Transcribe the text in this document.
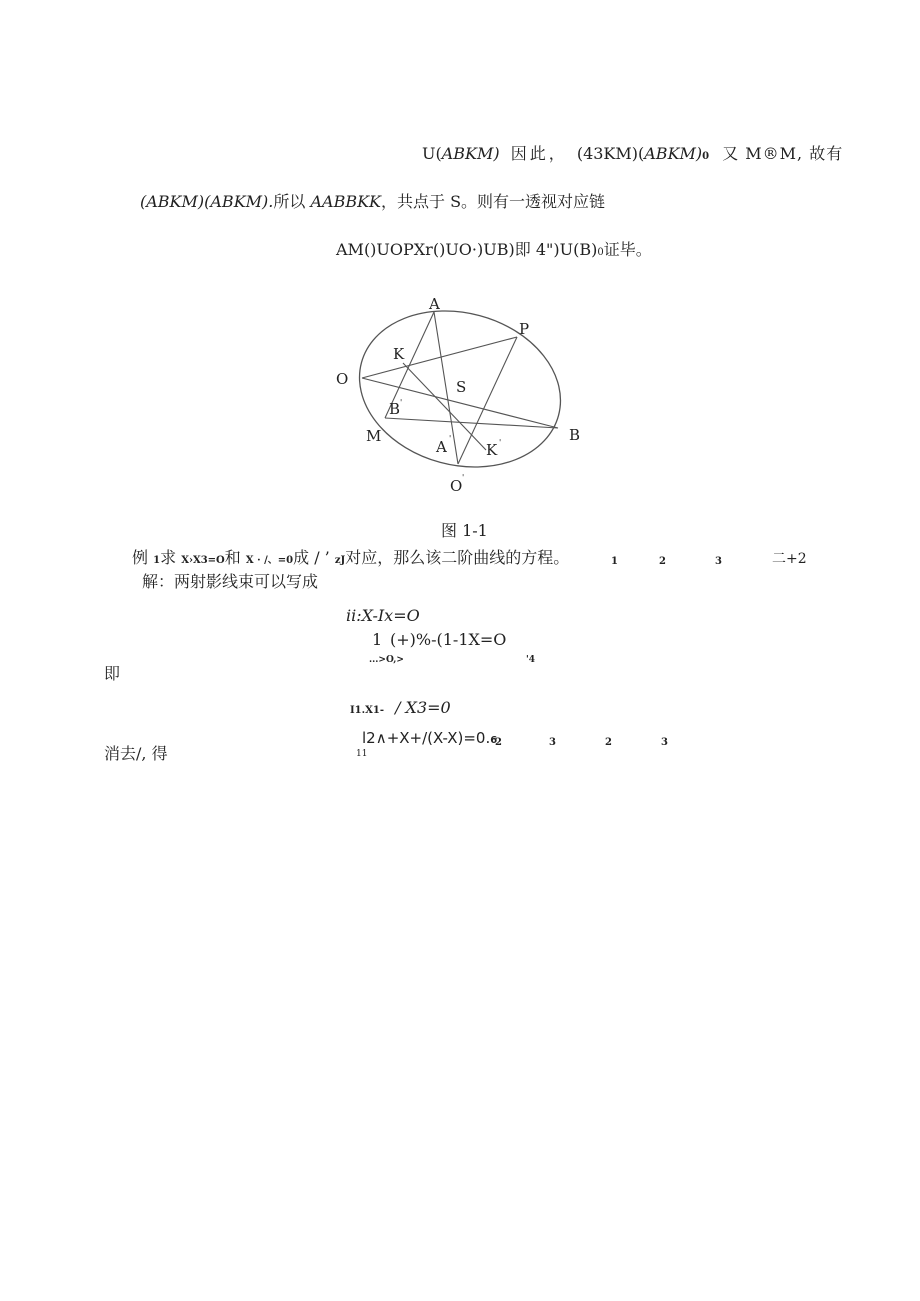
U(ABKM) 因此， (43KM)(ABKM)0 又 M®M, 故有
(ABKM)(ABKM).所以 AABBKK，共点于 S。则有一透视对应链
AM()UOPXr()UO·)UB)即 4")U(B)0证毕。
A
P
K
O	S
B '
M	B
A '
K '
O '
图 1-1
例 1求 X›X3=O和 X · /、=0成 / ’ zJ对应，那么该二阶曲线的方程。	1	2	3	二+2
解：两射影线束可以写成
ii:X-Ix=O
1 (+)%-(1-1X=O
...>O,>	'4
即
I1.X1- / X3=0
l2∧+X+/(X-X)=0.6
2	3	2	3
11
消去/, 得
